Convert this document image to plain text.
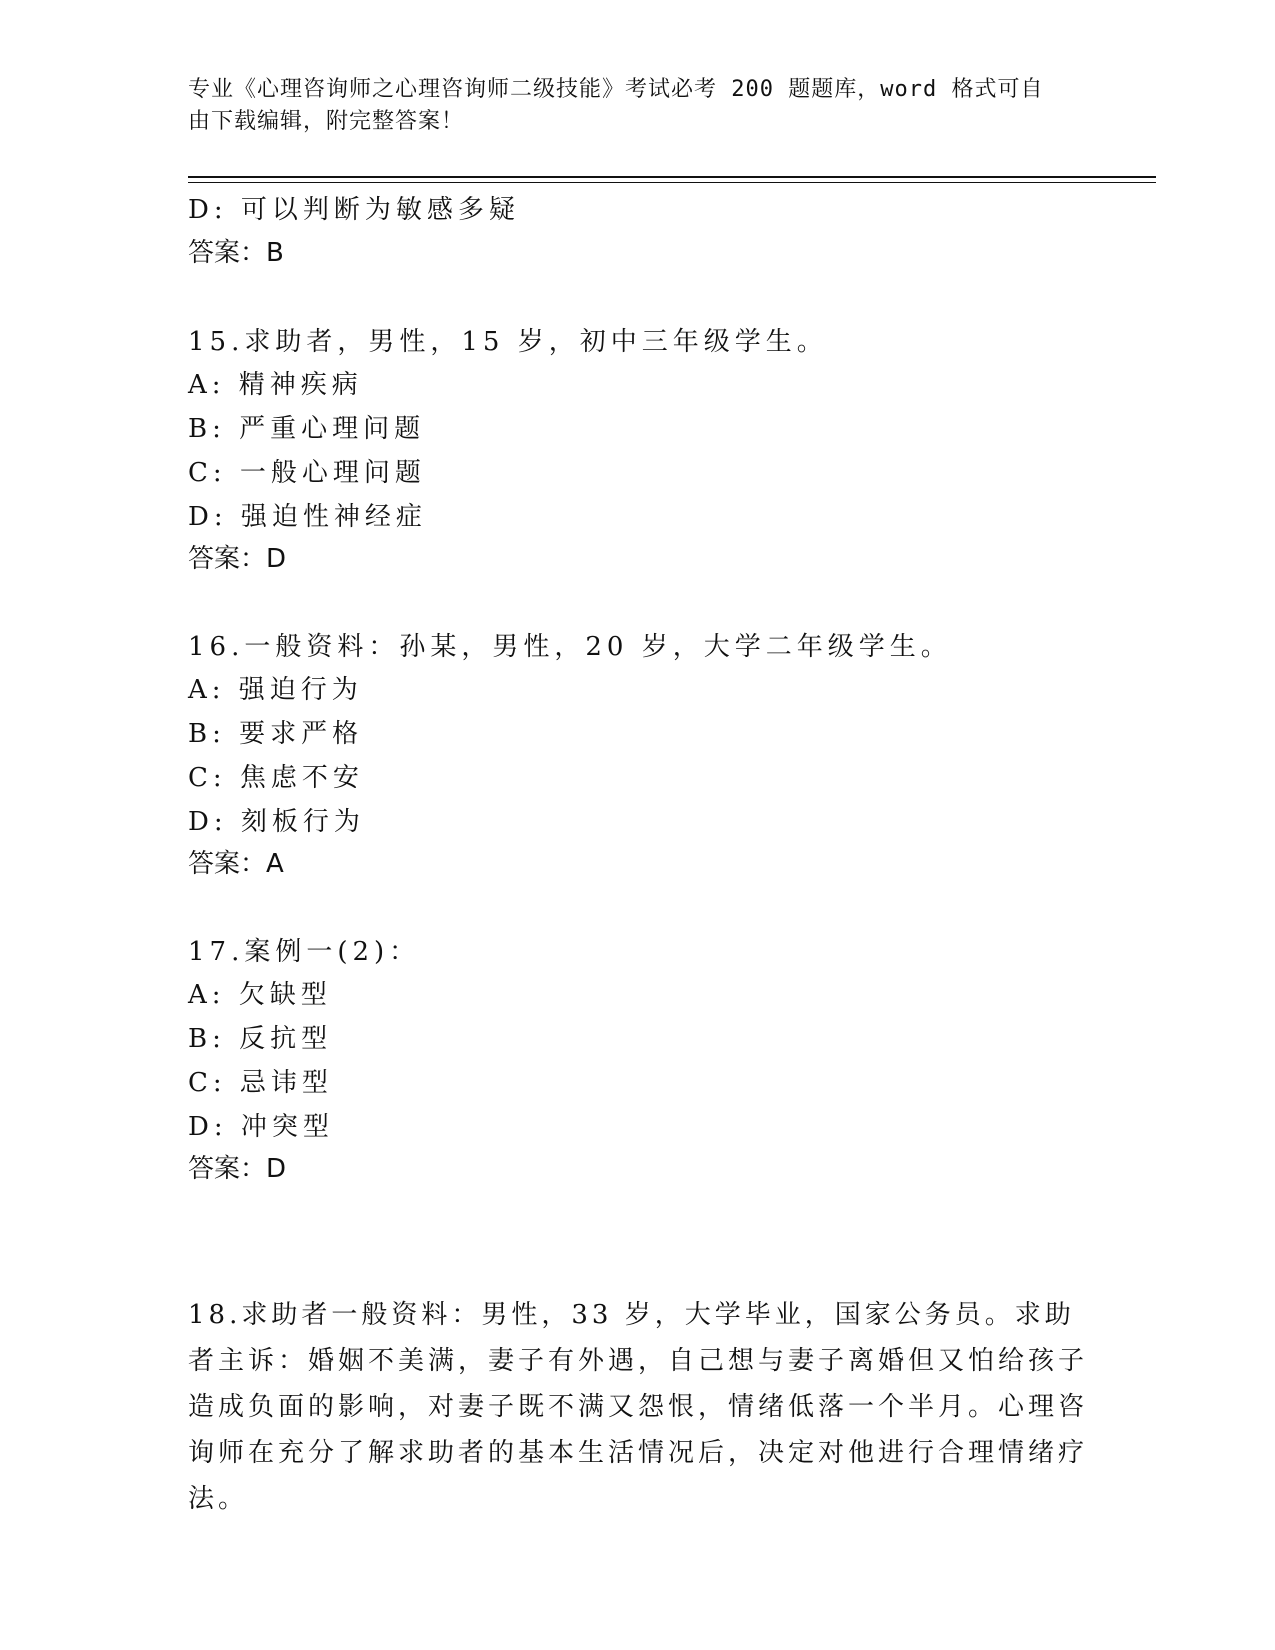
专业《心理咨询师之心理咨询师二级技能》考试必考 200 题题库，word 格式可自
由下载编辑，附完整答案！
D: 可以判断为敏感多疑
答案：B
15.求助者，男性，15 岁，初中三年级学生。
A: 精神疾病
B: 严重心理问题
C: 一般心理问题
D: 强迫性神经症
答案：D
16.一般资料：孙某，男性，20 岁，大学二年级学生。
A: 强迫行为
B: 要求严格
C: 焦虑不安
D: 刻板行为
答案：A
17.案例一(2)：
A: 欠缺型
B: 反抗型
C: 忌讳型
D: 冲突型
答案：D
18.求助者一般资料：男性，33 岁，大学毕业，国家公务员。求助者主诉：婚姻不美满，妻子有外遇，自己想与妻子离婚但又怕给孩子造成负面的影响，对妻子既不满又怨恨，情绪低落一个半月。心理咨询师在充分了解求助者的基本生活情况后，决定对他进行合理情绪疗法。
